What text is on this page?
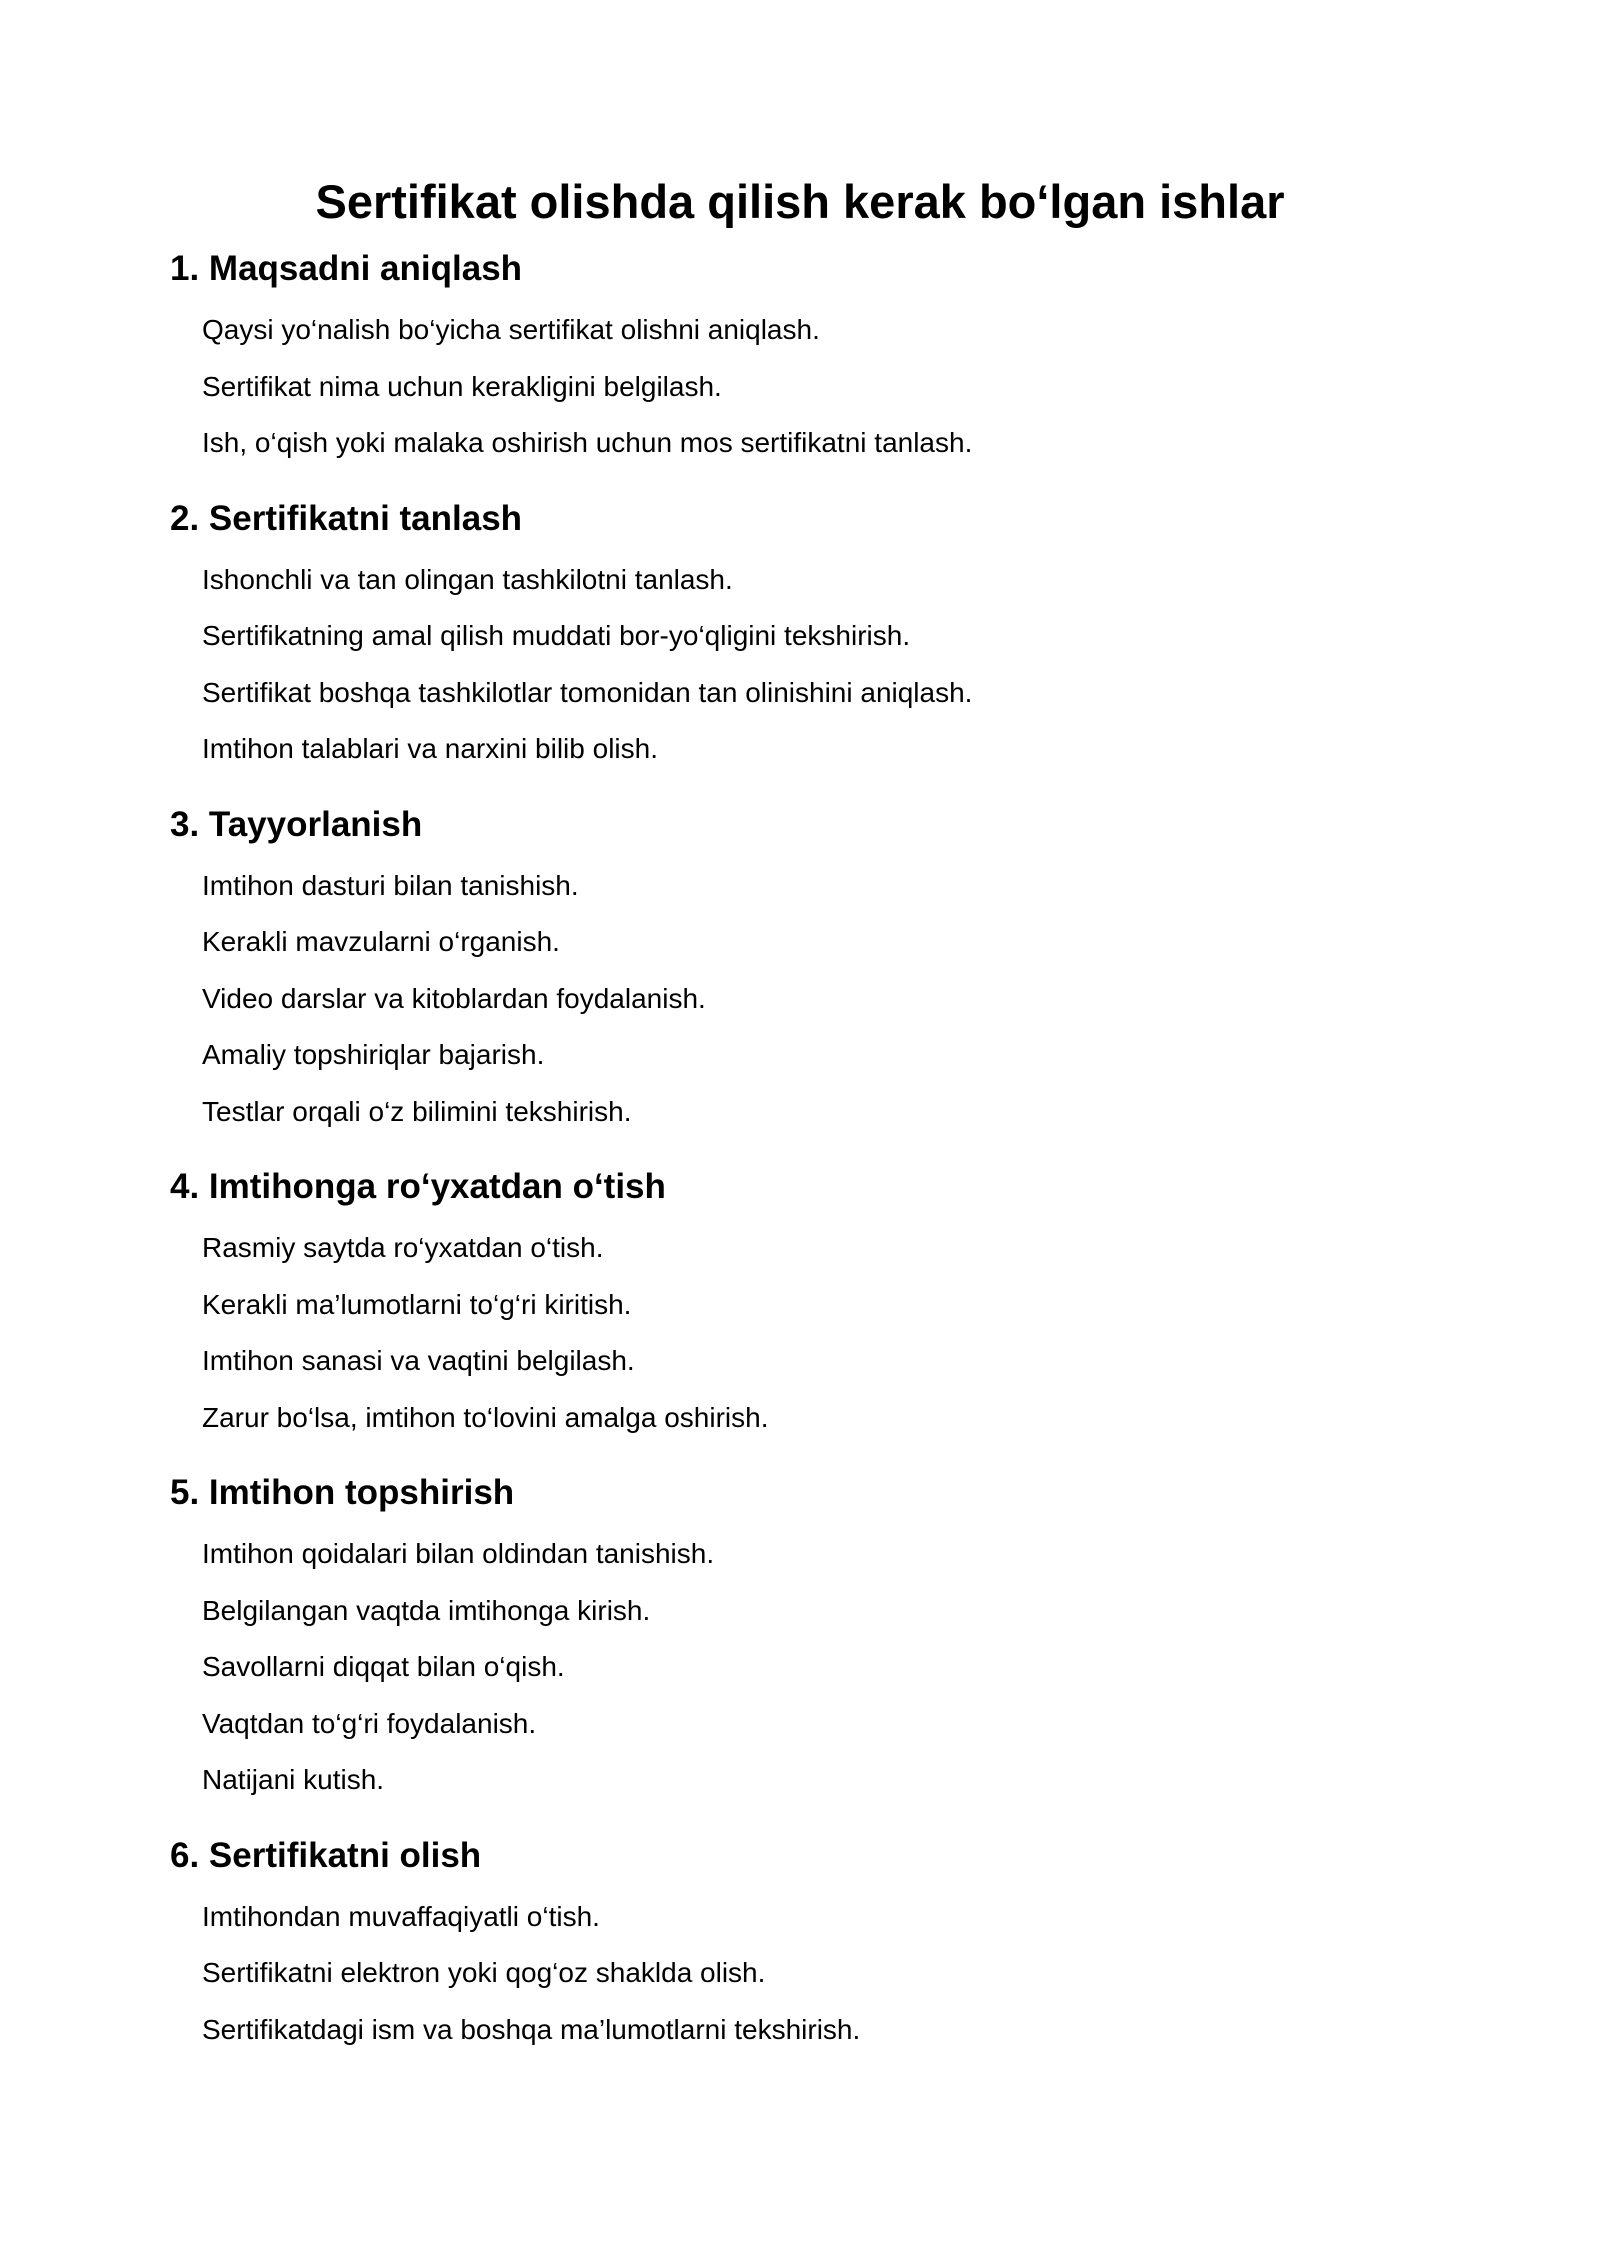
Sertifikat olishda qilish kerak bo‘lgan ishlar
1. Maqsadni aniqlash

Qaysi yo‘nalish bo‘yicha sertifikat olishni aniqlash.

Sertifikat nima uchun kerakligini belgilash.

Ish, o‘qish yoki malaka oshirish uchun mos sertifikatni tanlash.

2. Sertifikatni tanlash

Ishonchli va tan olingan tashkilotni tanlash.

Sertifikatning amal qilish muddati bor-yo‘qligini tekshirish.

Sertifikat boshqa tashkilotlar tomonidan tan olinishini aniqlash.

Imtihon talablari va narxini bilib olish.

3. Tayyorlanish

Imtihon dasturi bilan tanishish.

Kerakli mavzularni o‘rganish.

Video darslar va kitoblardan foydalanish.

Amaliy topshiriqlar bajarish.

Testlar orqali o‘z bilimini tekshirish.

4. Imtihonga ro‘yxatdan o‘tish

Rasmiy saytda ro‘yxatdan o‘tish.

Kerakli ma’lumotlarni to‘g‘ri kiritish.

Imtihon sanasi va vaqtini belgilash.

Zarur bo‘lsa, imtihon to‘lovini amalga oshirish.

5. Imtihon topshirish

Imtihon qoidalari bilan oldindan tanishish.

Belgilangan vaqtda imtihonga kirish.

Savollarni diqqat bilan o‘qish.

Vaqtdan to‘g‘ri foydalanish.

Natijani kutish.

6. Sertifikatni olish

Imtihondan muvaffaqiyatli o‘tish.

Sertifikatni elektron yoki qog‘oz shaklda olish.

Sertifikatdagi ism va boshqa ma’lumotlarni tekshirish.
